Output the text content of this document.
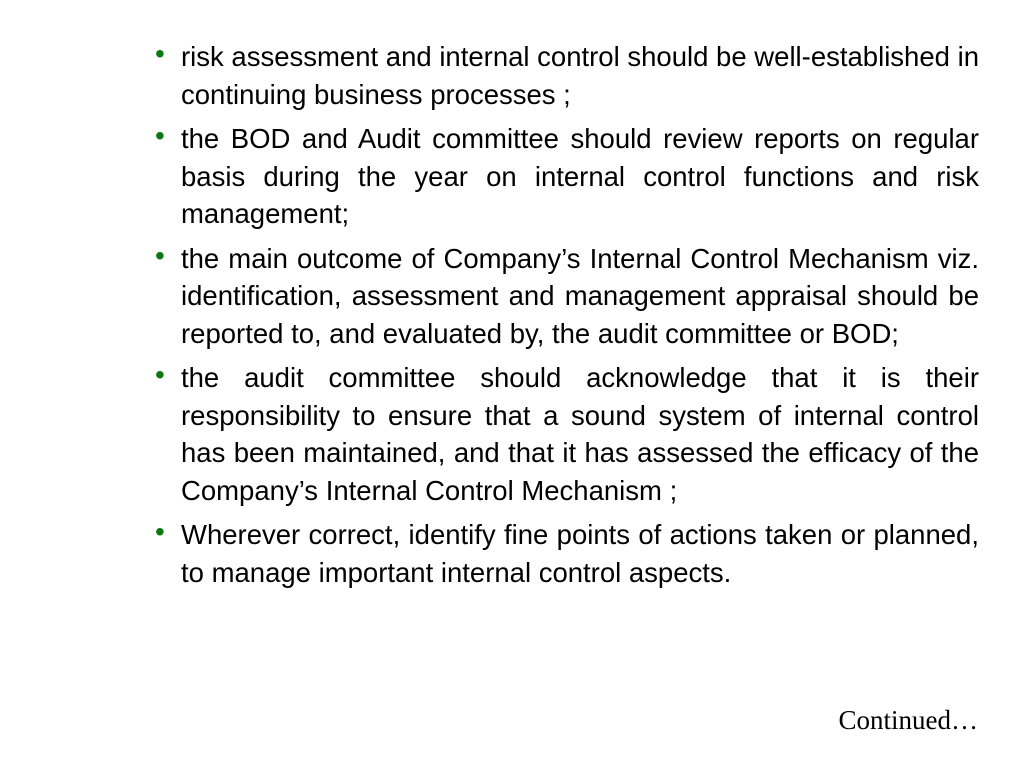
• risk assessment and internal control should be well-established in continuing business processes ;
• the BOD and Audit committee should review reports on regular basis during the year on internal control functions and risk management;
• the main outcome of Company’s Internal Control Mechanism viz. identification, assessment and management appraisal should be reported to, and evaluated by, the audit committee or BOD;
• the audit committee should acknowledge that it is their responsibility to ensure that a sound system of internal control has been maintained, and that it has assessed the efficacy of the Company’s Internal Control Mechanism ;
• Wherever correct, identify fine points of actions taken or planned, to manage important internal control aspects.
Continued…
